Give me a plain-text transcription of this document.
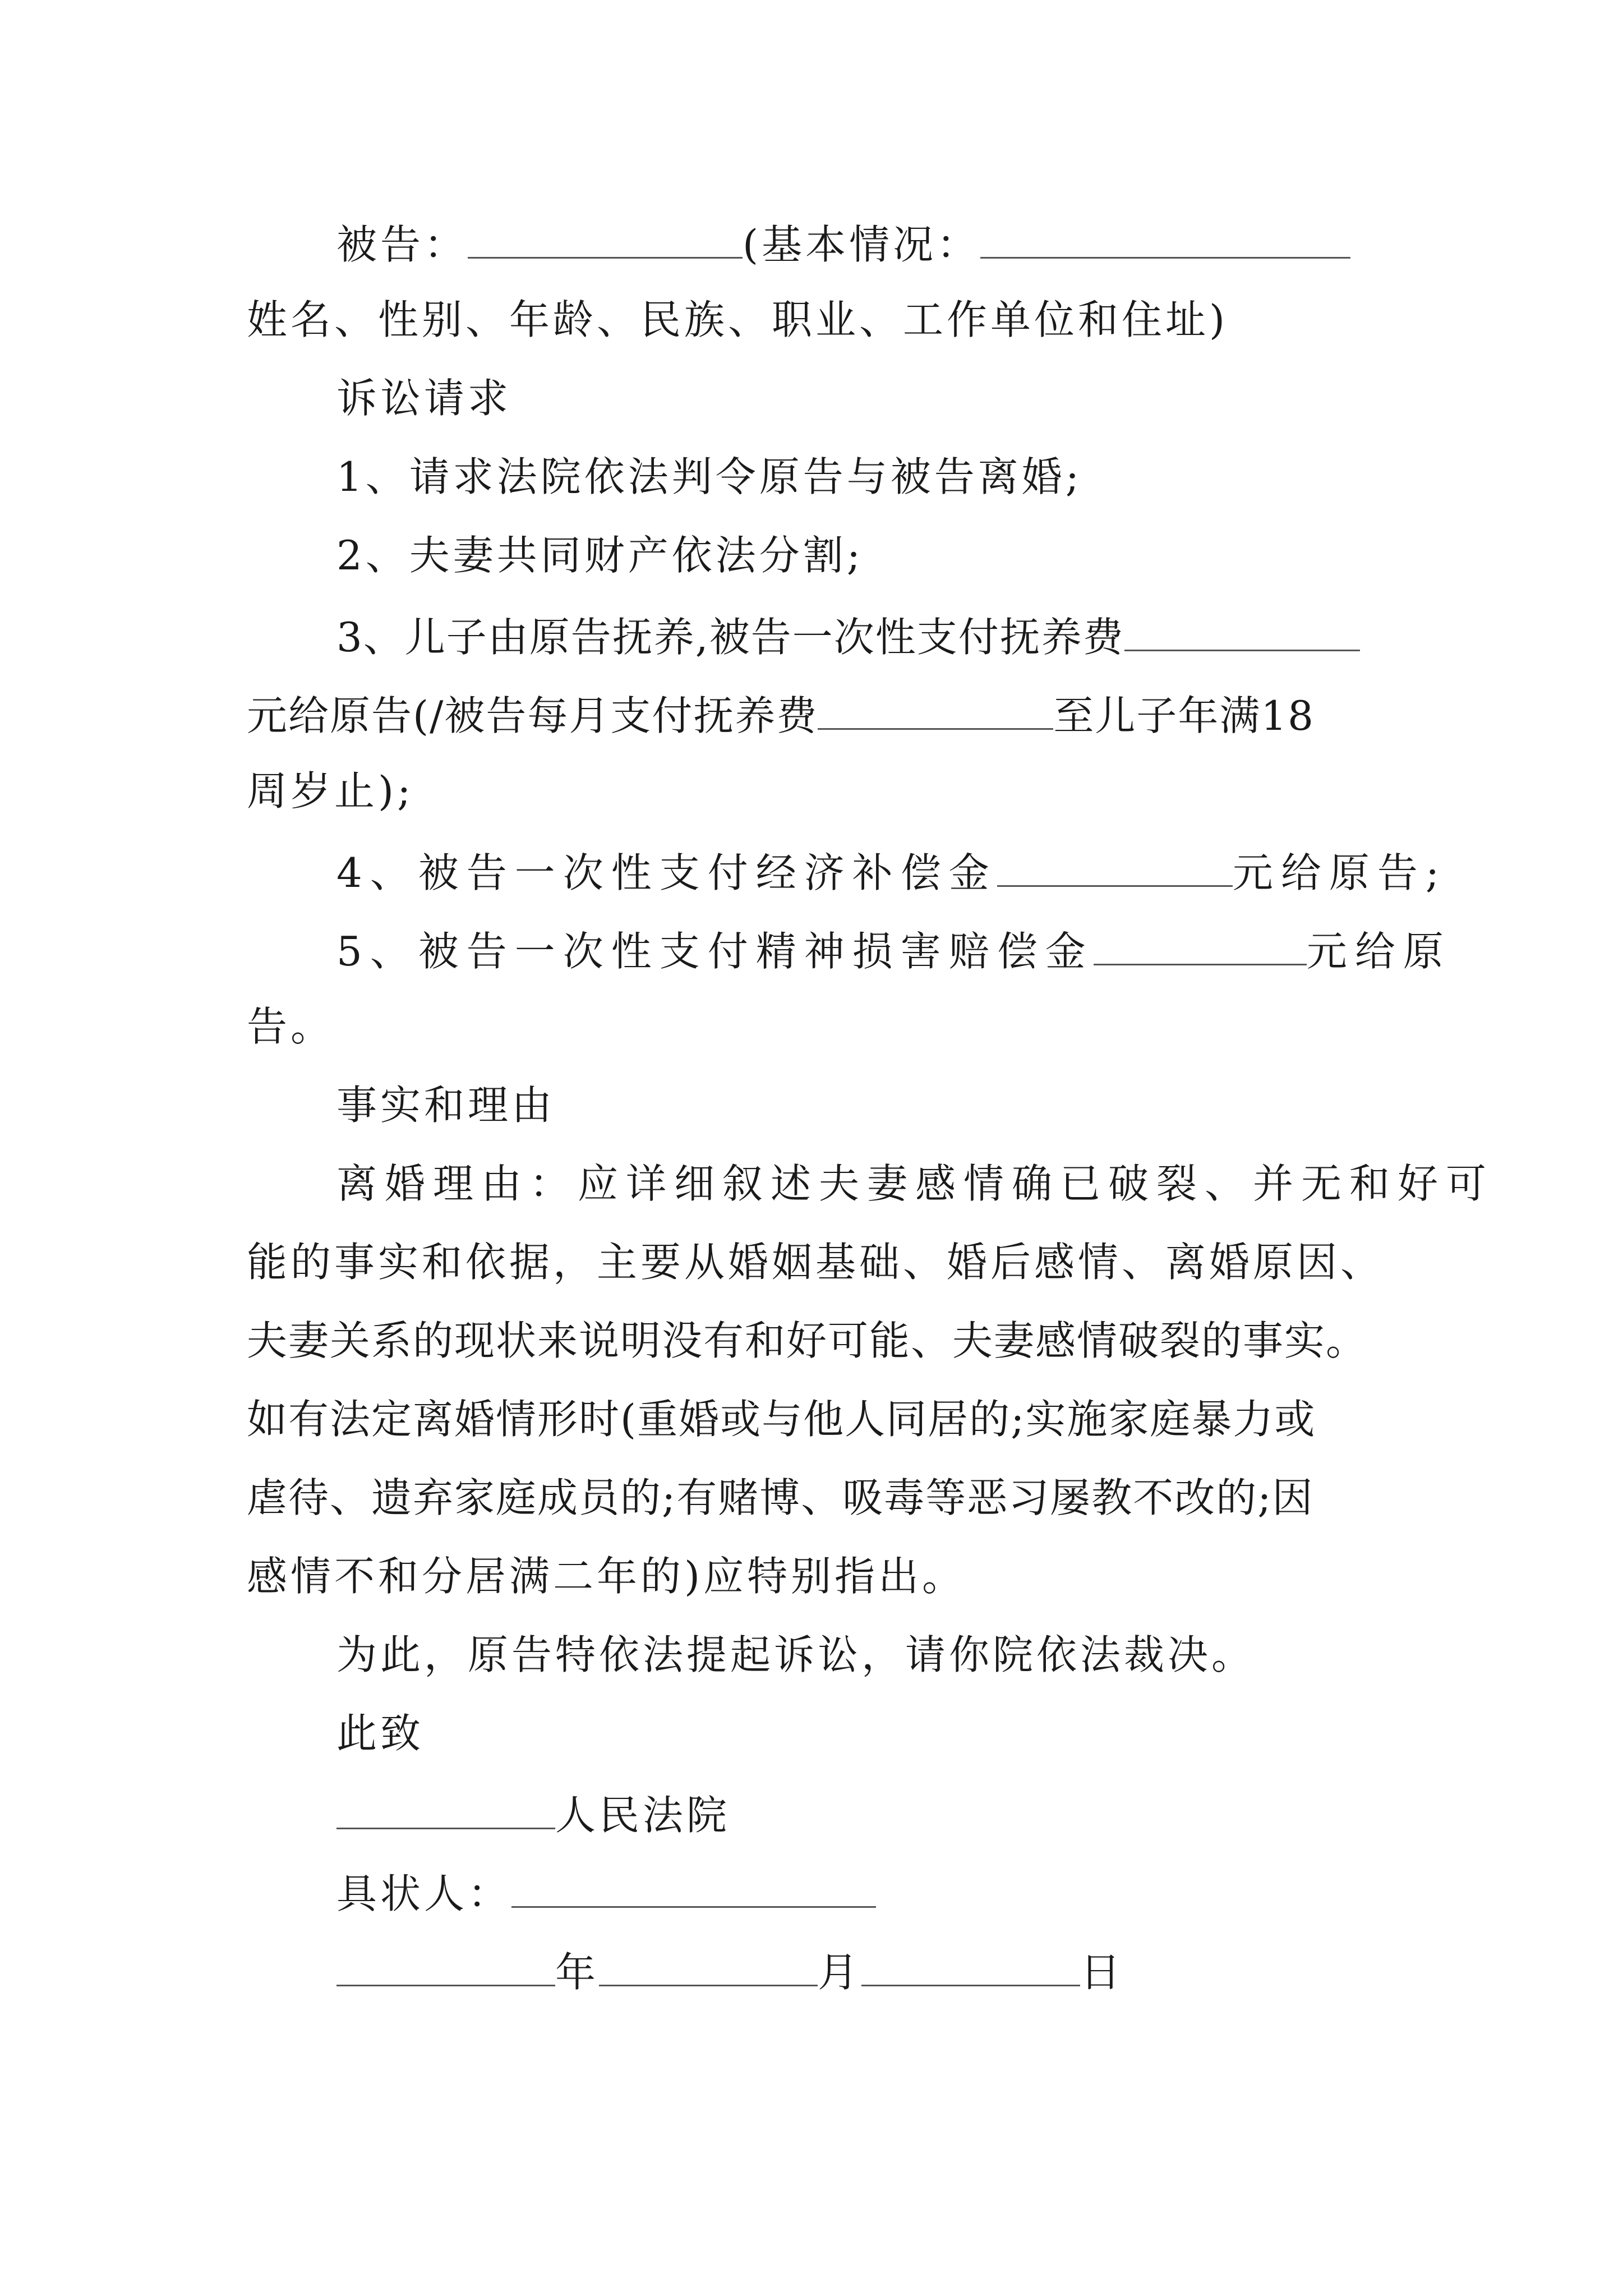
被告：	(基本情况：
姓名、性别、年龄、民族、职业、工作单位和住址)
诉讼请求
1、请求法院依法判令原告与被告离婚;
2、夫妻共同财产依法分割;
3、儿子由原告抚养,被告一次性支付抚养费
元给原告(/被告每月支付抚养费	至儿子年满18
周岁止);
4、被告一次性支付经济补偿金	元给原告;
5、被告一次性支付精神损害赔偿金	元给原
告。
事实和理由
离婚理由：应详细叙述夫妻感情确已破裂、并无和好可
能的事实和依据，主要从婚姻基础、婚后感情、离婚原因、
夫妻关系的现状来说明没有和好可能、夫妻感情破裂的事实。
如有法定离婚情形时(重婚或与他人同居的;实施家庭暴力或
虐待、遗弃家庭成员的;有赌博、吸毒等恶习屡教不改的;因
感情不和分居满二年的)应特别指出。
为此，原告特依法提起诉讼，请你院依法裁决。
此致
人民法院
具状人：
年	月	日
